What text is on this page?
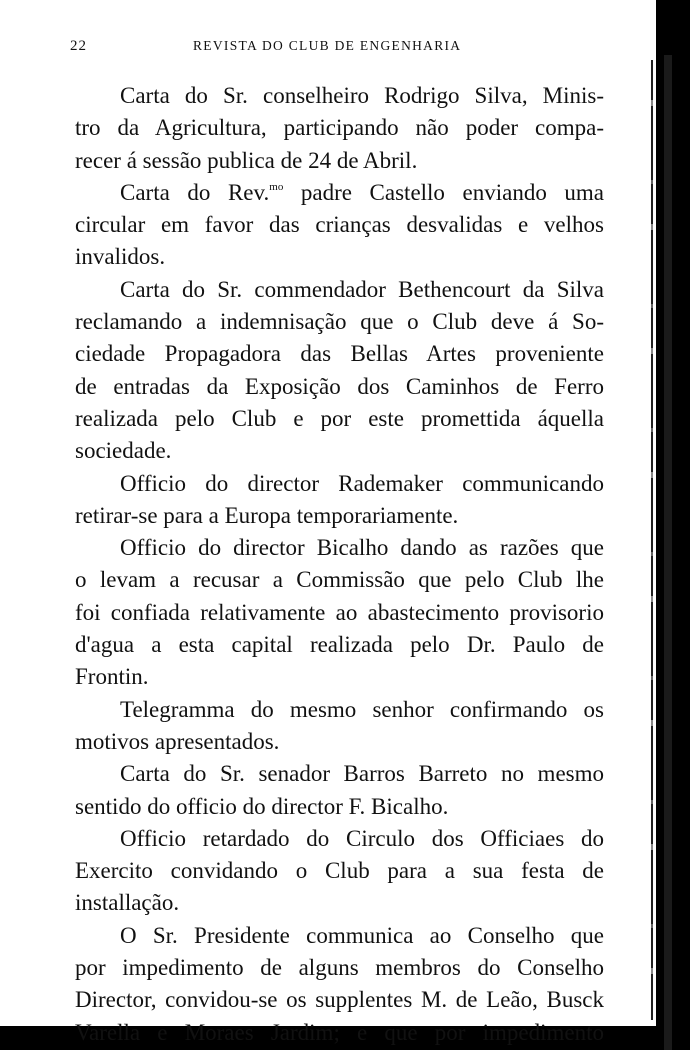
22	REVISTA DO CLUB DE ENGENHARIA
Carta do Sr. conselheiro Rodrigo Silva, Minis-
tro da Agricultura, participando não poder compa-
recer á sessão publica de 24 de Abril.
Carta do Rev.$^{mo}$ padre Castello enviando uma
circular em favor das crianças desvalidas e velhos
invalidos.
Carta do Sr. commendador Bethencourt da Silva
reclamando a indemnisação que o Club deve á So-
ciedade Propagadora das Bellas Artes proveniente
de entradas da Exposição dos Caminhos de Ferro
realizada pelo Club e por este promettida áquella
sociedade.
Officio do director Rademaker communicando
retirar-se para a Europa temporariamente.
Officio do director Bicalho dando as razões que
o levam a recusar a Commissão que pelo Club lhe
foi confiada relativamente ao abastecimento provisorio
d'agua a esta capital realizada pelo Dr. Paulo de
Frontin.
Telegramma do mesmo senhor confirmando os
motivos apresentados.
Carta do Sr. senador Barros Barreto no mesmo
sentido do officio do director F. Bicalho.
Officio retardado do Circulo dos Officiaes do
Exercito convidando o Club para a sua festa de
installação.
O Sr. Presidente communica ao Conselho que
por impedimento de alguns membros do Conselho
Director, convidou-se os supplentes M. de Leão, Busck
Varella e Moraes Jardim; e que por impedimento
